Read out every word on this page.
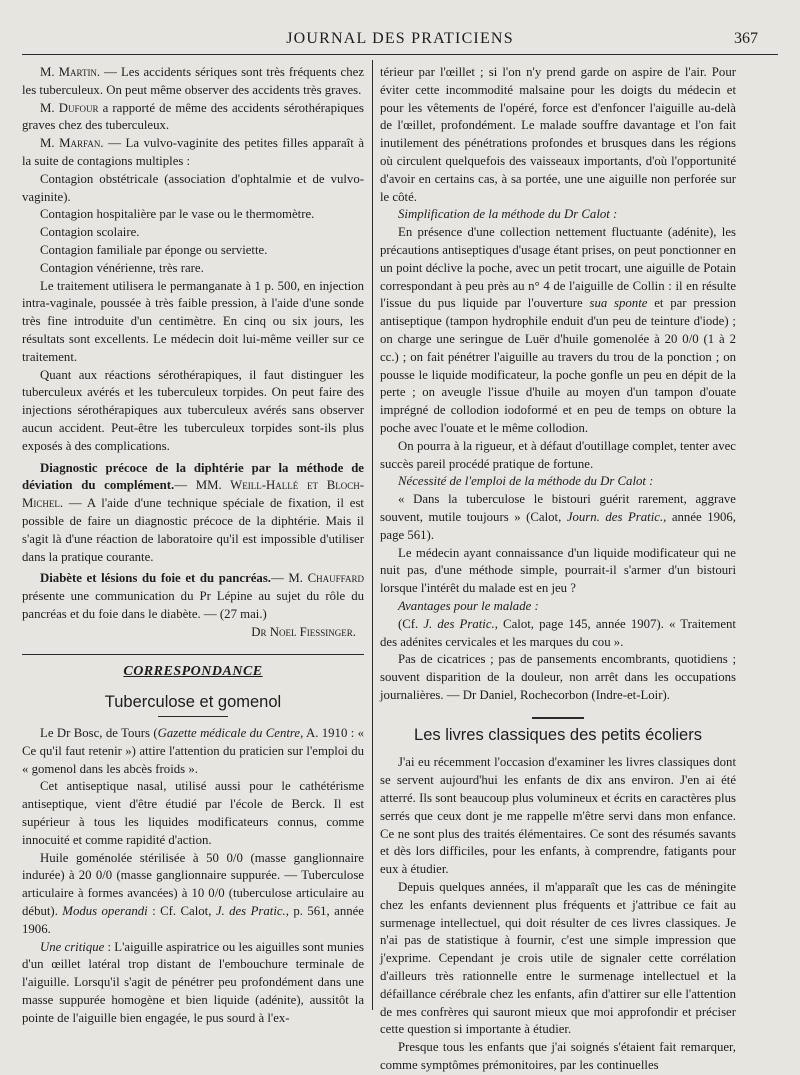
JOURNAL DES PRATICIENS	367

M. Martin. — Les accidents sériques sont très fréquents chez les tuberculeux. On peut même observer des accidents très graves.

M. Dufour a rapporté de même des accidents sérothérapiques graves chez des tuberculeux.

M. Marfan. — La vulvo-vaginite des petites filles apparaît à la suite de contagions multiples :

Contagion obstétricale (association d'ophtalmie et de vulvo-vaginite).

Contagion hospitalière par le vase ou le thermomètre.

Contagion scolaire.

Contagion familiale par éponge ou serviette.

Contagion vénérienne, très rare.

Le traitement utilisera le permanganate à 1 p. 500, en injection intra-vaginale, poussée à très faible pression, à l'aide d'une sonde très fine introduite d'un centimètre. En cinq ou six jours, les résultats sont excellents. Le médecin doit lui-même veiller sur ce traitement.

Quant aux réactions sérothérapiques, il faut distinguer les tuberculeux avérés et les tuberculeux torpides. On peut faire des injections sérothérapiques aux tuberculeux avérés sans observer aucun accident. Peut-être les tuberculeux torpides sont-ils plus exposés à des complications.

Diagnostic précoce de la diphtérie par la méthode de déviation du complément.— MM. Weill-Hallé et Bloch-Michel. — A l'aide d'une technique spéciale de fixation, il est possible de faire un diagnostic précoce de la diphtérie. Mais il s'agit là d'une réaction de laboratoire qu'il est impossible d'utiliser dans la pratique courante.

Diabète et lésions du foie et du pancréas.— M. Chauffard présente une communication du Pr Lépine au sujet du rôle du pancréas et du foie dans le diabète. — (27 mai.)

Dr Noel Fiessinger.

CORRESPONDANCE
Tuberculose et gomenol

Le Dr Bosc, de Tours (Gazette médicale du Centre, A. 1910 : « Ce qu'il faut retenir ») attire l'attention du praticien sur l'emploi du « gomenol dans les abcès froids ».

Cet antiseptique nasal, utilisé aussi pour le cathétérisme antiseptique, vient d'être étudié par l'école de Berck. Il est supérieur à tous les liquides modificateurs connus, comme innocuité et comme rapidité d'action.

Huile goménolée stérilisée à 50 0/0 (masse ganglionnaire indurée) à 20 0/0 (masse ganglionnaire suppurée. — Tuberculose articulaire à formes avancées) à 10 0/0 (tuberculose articulaire au début). Modus operandi : Cf. Calot, J. des Pratic., p. 561, année 1906.

Une critique : L'aiguille aspiratrice ou les aiguilles sont munies d'un œillet latéral trop distant de l'embouchure terminale de l'aiguille. Lorsqu'il s'agit de pénétrer peu profondément dans une masse suppurée homogène et bien liquide (adénite), aussitôt la pointe de l'aiguille bien engagée, le pus sourd à l'ex-

térieur par l'œillet ; si l'on n'y prend garde on aspire de l'air. Pour éviter cette incommodité malsaine pour les doigts du médecin et pour les vêtements de l'opéré, force est d'enfoncer l'aiguille au-delà de l'œillet, profondément. Le malade souffre davantage et l'on fait inutilement des pénétrations profondes et brusques dans les régions où circulent quelquefois des vaisseaux importants, d'où l'opportunité d'avoir en certains cas, à sa portée, une une aiguille non perforée sur le côté.

Simplification de la méthode du Dr Calot :

En présence d'une collection nettement fluctuante (adénite), les précautions antiseptiques d'usage étant prises, on peut ponctionner en un point déclive la poche, avec un petit trocart, une aiguille de Potain correspondant à peu près au n° 4 de l'aiguille de Collin : il en résulte l'issue du pus liquide par l'ouverture sua sponte et par pression antiseptique (tampon hydrophile enduit d'un peu de teinture d'iode) ; on charge une seringue de Luër d'huile gomenolée à 20 0/0 (1 à 2 cc.) ; on fait pénétrer l'aiguille au travers du trou de la ponction ; on pousse le liquide modificateur, la poche gonfle un peu en dépit de la perte ; on aveugle l'issue d'huile au moyen d'un tampon d'ouate imprégné de collodion iodoformé et en peu de temps on obture la poche avec l'ouate et le même collodion.

On pourra à la rigueur, et à défaut d'outillage complet, tenter avec succès pareil procédé pratique de fortune.

Nécessité de l'emploi de la méthode du Dr Calot :

« Dans la tuberculose le bistouri guérit rarement, aggrave souvent, mutile toujours » (Calot, Journ. des Pratic., année 1906, page 561).

Le médecin ayant connaissance d'un liquide modificateur qui ne nuit pas, d'une méthode simple, pourrait-il s'armer d'un bistouri lorsque l'intérêt du malade est en jeu ?

Avantages pour le malade :

(Cf. J. des Pratic., Calot, page 145, année 1907). « Traitement des adénites cervicales et les marques du cou ».

Pas de cicatrices ; pas de pansements encombrants, quotidiens ; souvent disparition de la douleur, non arrêt dans les occupations journalières. — Dr Daniel, Rochecorbon (Indre-et-Loir).

Les livres classiques des petits écoliers

J'ai eu récemment l'occasion d'examiner les livres classiques dont se servent aujourd'hui les enfants de dix ans environ. J'en ai été atterré. Ils sont beaucoup plus volumineux et écrits en caractères plus serrés que ceux dont je me rappelle m'être servi dans mon enfance. Ce ne sont plus des traités élémentaires. Ce sont des résumés savants et dès lors difficiles, pour les enfants, à comprendre, fatigants pour eux à étudier.

Depuis quelques années, il m'apparaît que les cas de méningite chez les enfants deviennent plus fréquents et j'attribue ce fait au surmenage intellectuel, qui doit résulter de ces livres classiques. Je n'ai pas de statistique à fournir, c'est une simple impression que j'exprime. Cependant je crois utile de signaler cette corrélation d'ailleurs très rationnelle entre le surmenage intellectuel et la défaillance cérébrale chez les enfants, afin d'attirer sur elle l'attention de mes confrères qui sauront mieux que moi approfondir et préciser cette question si importante à étudier.

Presque tous les enfants que j'ai soignés s'étaient fait remarquer, comme symptômes prémonitoires, par les continuelles
